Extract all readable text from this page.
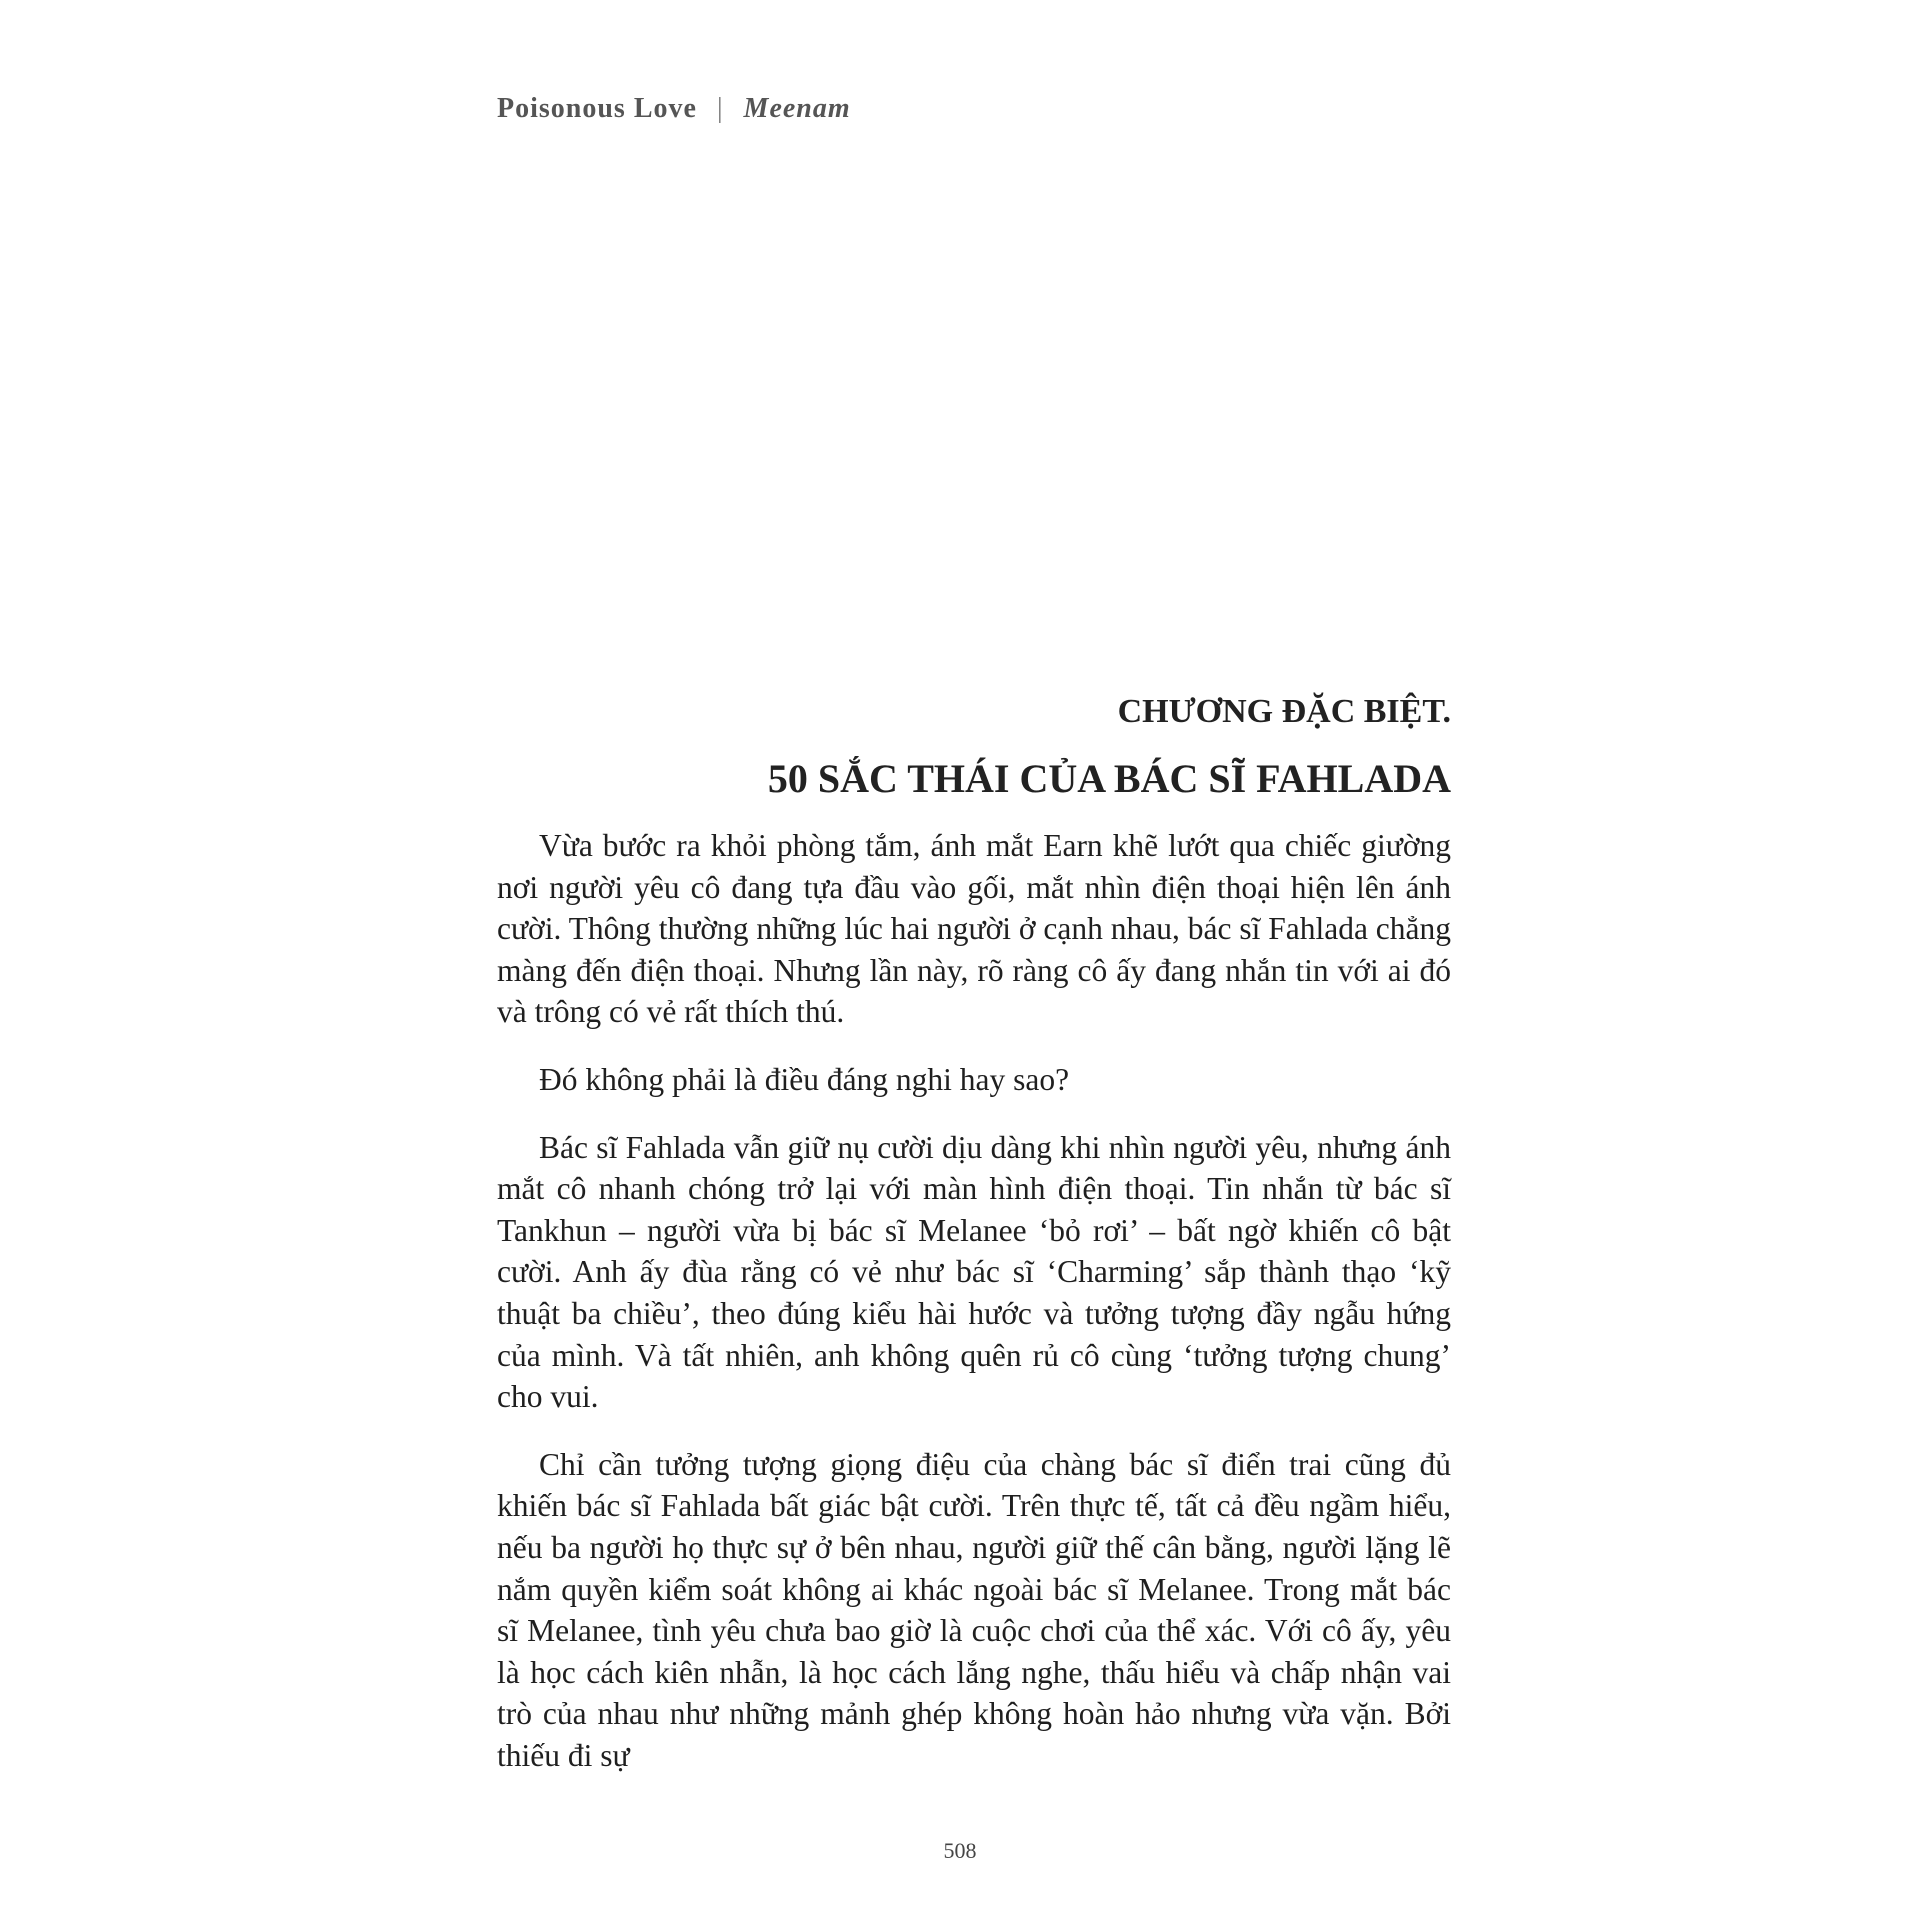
Poisonous Love | Meenam
CHƯƠNG ĐẶC BIỆT.
50 SẮC THÁI CỦA BÁC SĨ FAHLADA

Vừa bước ra khỏi phòng tắm, ánh mắt Earn khẽ lướt qua chiếc giường nơi người yêu cô đang tựa đầu vào gối, mắt nhìn điện thoại hiện lên ánh cười. Thông thường những lúc hai người ở cạnh nhau, bác sĩ Fahlada chẳng màng đến điện thoại. Nhưng lần này, rõ ràng cô ấy đang nhắn tin với ai đó và trông có vẻ rất thích thú.

Đó không phải là điều đáng nghi hay sao?

Bác sĩ Fahlada vẫn giữ nụ cười dịu dàng khi nhìn người yêu, nhưng ánh mắt cô nhanh chóng trở lại với màn hình điện thoại. Tin nhắn từ bác sĩ Tankhun – người vừa bị bác sĩ Melanee ‘bỏ rơi’ – bất ngờ khiến cô bật cười. Anh ấy đùa rằng có vẻ như bác sĩ ‘Charming’ sắp thành thạo ‘kỹ thuật ba chiều’, theo đúng kiểu hài hước và tưởng tượng đầy ngẫu hứng của mình. Và tất nhiên, anh không quên rủ cô cùng ‘tưởng tượng chung’ cho vui.

Chỉ cần tưởng tượng giọng điệu của chàng bác sĩ điển trai cũng đủ khiến bác sĩ Fahlada bất giác bật cười. Trên thực tế, tất cả đều ngầm hiểu, nếu ba người họ thực sự ở bên nhau, người giữ thế cân bằng, người lặng lẽ nắm quyền kiểm soát không ai khác ngoài bác sĩ Melanee. Trong mắt bác sĩ Melanee, tình yêu chưa bao giờ là cuộc chơi của thể xác. Với cô ấy, yêu là học cách kiên nhẫn, là học cách lắng nghe, thấu hiểu và chấp nhận vai trò của nhau như những mảnh ghép không hoàn hảo nhưng vừa vặn. Bởi thiếu đi sự

508
